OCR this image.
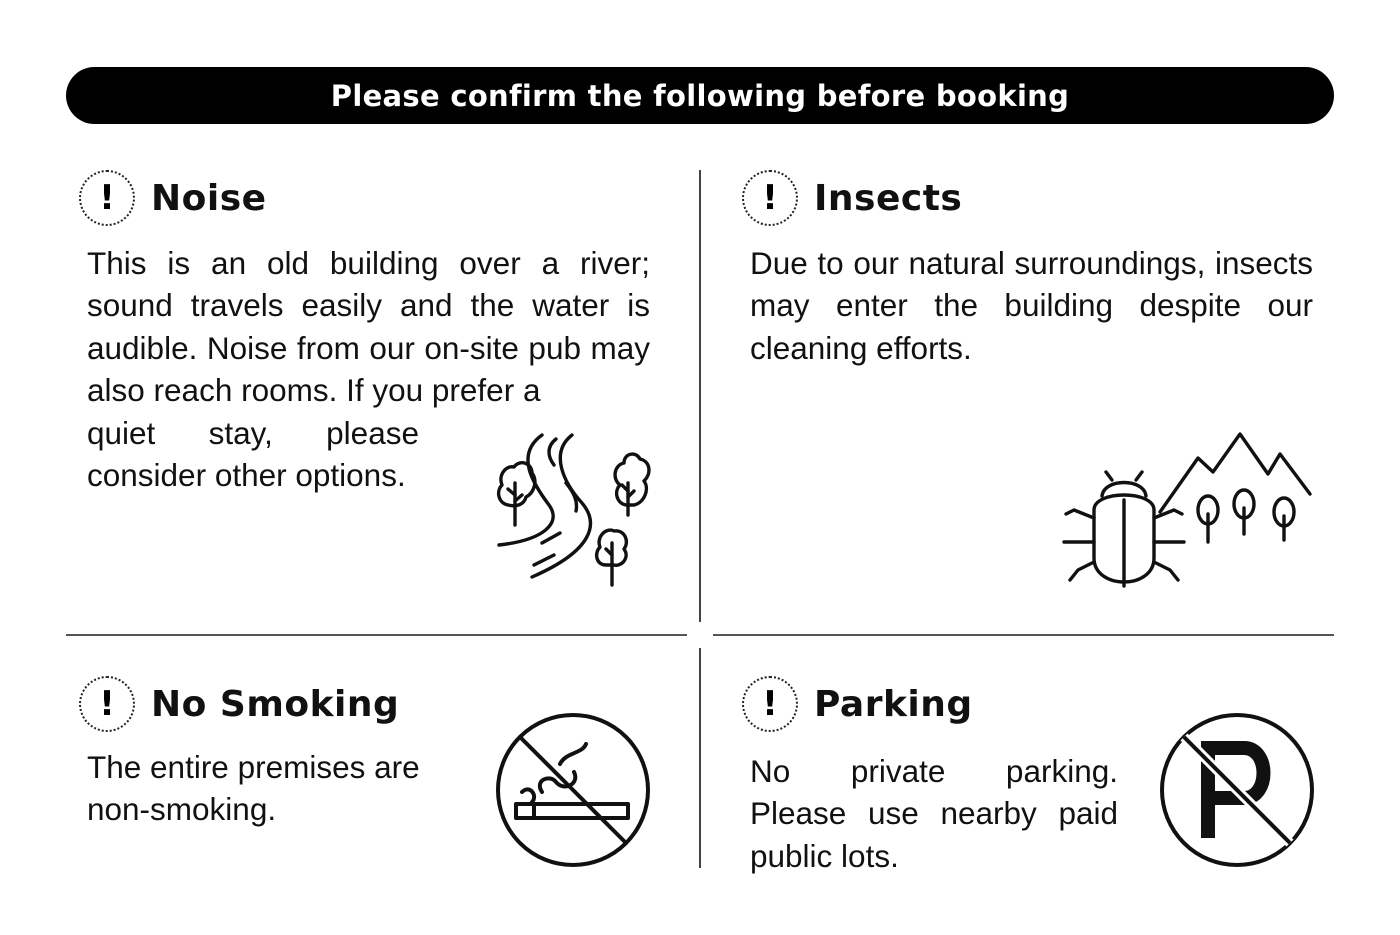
Please confirm the following before booking
!	Noise
This is an old building over a river; sound travels easily and the water is audible. Noise from our on-site pub may also reach rooms. If you prefer a
quiet stay, please
consider other options.
!	Insects
Due to our natural surroundings, insects may enter the building despite our cleaning efforts.
!	No Smoking
The entire premises are non-smoking.
!	Parking
No private parking. Please use nearby paid public lots.
